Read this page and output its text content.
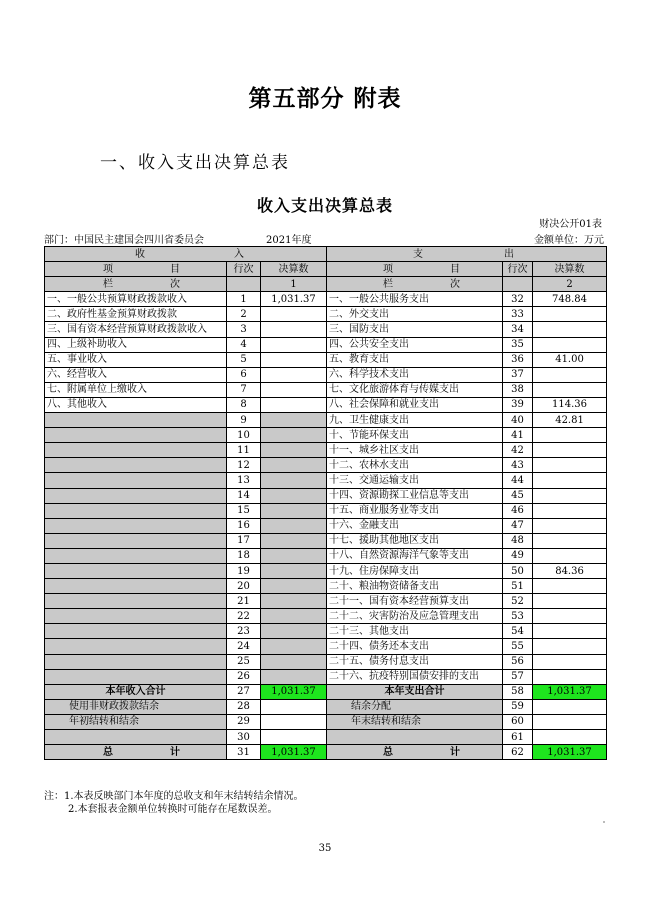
第五部分 附表
一、收入支出决算总表
收入支出决算总表
财决公开01表
部门：中国民主建国会四川省委员会	2021年度	金额单位：万元
收 入			支 出		

项 目	行次	决算数	项 目	行次	决算数

栏 次		1	栏 次		2
一、一般公共预算财政拨款收入	1	1,031.37	一、一般公共服务支出	32	748.84
二、政府性基金预算财政拨款	2		二、外交支出	33	
三、国有资本经营预算财政拨款收入	3		三、国防支出	34	
四、上级补助收入	4		四、公共安全支出	35	
五、事业收入	5		五、教育支出	36	41.00
六、经营收入	6		六、科学技术支出	37	
七、附属单位上缴收入	7		七、文化旅游体育与传媒支出	38	
八、其他收入	8		八、社会保障和就业支出	39	114.36
	9		九、卫生健康支出	40	42.81
	10		十、节能环保支出	41	
	11		十一、城乡社区支出	42	
	12		十二、农林水支出	43	
	13		十三、交通运输支出	44	
	14		十四、资源勘探工业信息等支出	45	
	15		十五、商业服务业等支出	46	
	16		十六、金融支出	47	
	17		十七、援助其他地区支出	48	
	18		十八、自然资源海洋气象等支出	49	
	19		十九、住房保障支出	50	84.36
	20		二十、粮油物资储备支出	51	
	21		二十一、国有资本经营预算支出	52	
	22		二十二、灾害防治及应急管理支出	53	
	23		二十三、其他支出	54	
	24		二十四、债务还本支出	55	
	25		二十五、债务付息支出	56	
	26		二十六、抗疫特别国债安排的支出	57	
本年收入合计	27	1,031.37	本年支出合计	58	1,031.37
使用非财政拨款结余	28		结余分配	59	
年初结转和结余	29		年末结转和结余	60	
	30			61	

总 计	31	1,031.37	总 计	62	1,031.37
注：1.本表反映部门本年度的总收支和年末结转结余情况。
2.本套报表金额单位转换时可能存在尾数误差。
35
